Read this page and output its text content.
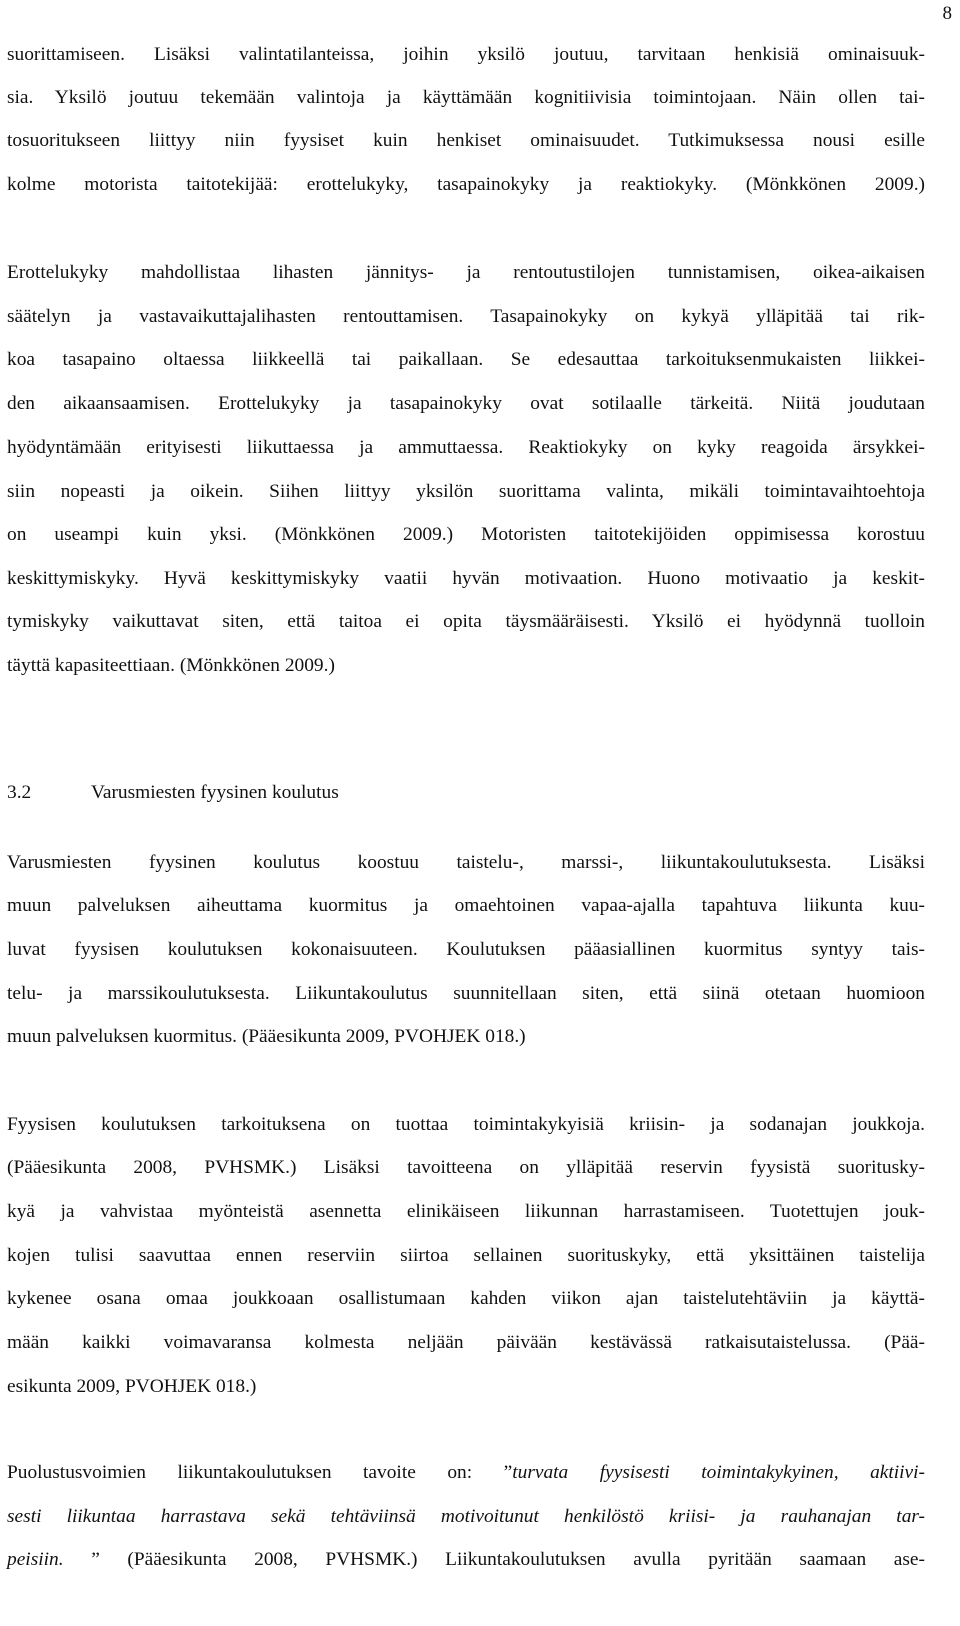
8
suorittamiseen. Lisäksi valintatilanteissa, joihin yksilö joutuu, tarvitaan henkisiä ominaisuuk-
sia. Yksilö joutuu tekemään valintoja ja käyttämään kognitiivisia toimintojaan. Näin ollen tai-
tosuoritukseen liittyy niin fyysiset kuin henkiset ominaisuudet. Tutkimuksessa nousi esille
kolme motorista taitotekijää: erottelukyky, tasapainokyky ja reaktiokyky. (Mönkkönen 2009.)
Erottelukyky mahdollistaa lihasten jännitys- ja rentoutustilojen tunnistamisen, oikea-aikaisen
säätelyn ja vastavaikuttajalihasten rentouttamisen. Tasapainokyky on kykyä ylläpitää tai rik-
koa tasapaino oltaessa liikkeellä tai paikallaan. Se edesauttaa tarkoituksenmukaisten liikkei-
den aikaansaamisen. Erottelukyky ja tasapainokyky ovat sotilaalle tärkeitä. Niitä joudutaan
hyödyntämään erityisesti liikuttaessa ja ammuttaessa. Reaktiokyky on kyky reagoida ärsykkei-
siin nopeasti ja oikein. Siihen liittyy yksilön suorittama valinta, mikäli toimintavaihtoehtoja
on useampi kuin yksi. (Mönkkönen 2009.) Motoristen taitotekijöiden oppimisessa korostuu
keskittymiskyky. Hyvä keskittymiskyky vaatii hyvän motivaation. Huono motivaatio ja keskit-
tymiskyky vaikuttavat siten, että taitoa ei opita täysmääräisesti. Yksilö ei hyödynnä tuolloin
täyttä kapasiteettiaan. (Mönkkönen 2009.)
3.2	Varusmiesten fyysinen koulutus
Varusmiesten fyysinen koulutus koostuu taistelu-, marssi-, liikuntakoulutuksesta. Lisäksi
muun palveluksen aiheuttama kuormitus ja omaehtoinen vapaa-ajalla tapahtuva liikunta kuu-
luvat fyysisen koulutuksen kokonaisuuteen. Koulutuksen pääasiallinen kuormitus syntyy tais-
telu- ja marssikoulutuksesta. Liikuntakoulutus suunnitellaan siten, että siinä otetaan huomioon
muun palveluksen kuormitus. (Pääesikunta 2009, PVOHJEK 018.)
Fyysisen koulutuksen tarkoituksena on tuottaa toimintakykyisiä kriisin- ja sodanajan joukkoja.
(Pääesikunta 2008, PVHSMK.) Lisäksi tavoitteena on ylläpitää reservin fyysistä suoritusky-
kyä ja vahvistaa myönteistä asennetta elinikäiseen liikunnan harrastamiseen. Tuotettujen jouk-
kojen tulisi saavuttaa ennen reserviin siirtoa sellainen suorituskyky, että yksittäinen taistelija
kykenee osana omaa joukkoaan osallistumaan kahden viikon ajan taistelutehtäviin ja käyttä-
mään kaikki voimavaransa kolmesta neljään päivään kestävässä ratkaisutaistelussa. (Pää-
esikunta 2009, PVOHJEK 018.)
Puolustusvoimien liikuntakoulutuksen tavoite on: ”turvata fyysisesti toimintakykyinen, aktiivi-
sesti liikuntaa harrastava sekä tehtäviinsä motivoitunut henkilöstö kriisi- ja rauhanajan tar-
peisiin. ” (Pääesikunta 2008, PVHSMK.) Liikuntakoulutuksen avulla pyritään saamaan ase-
